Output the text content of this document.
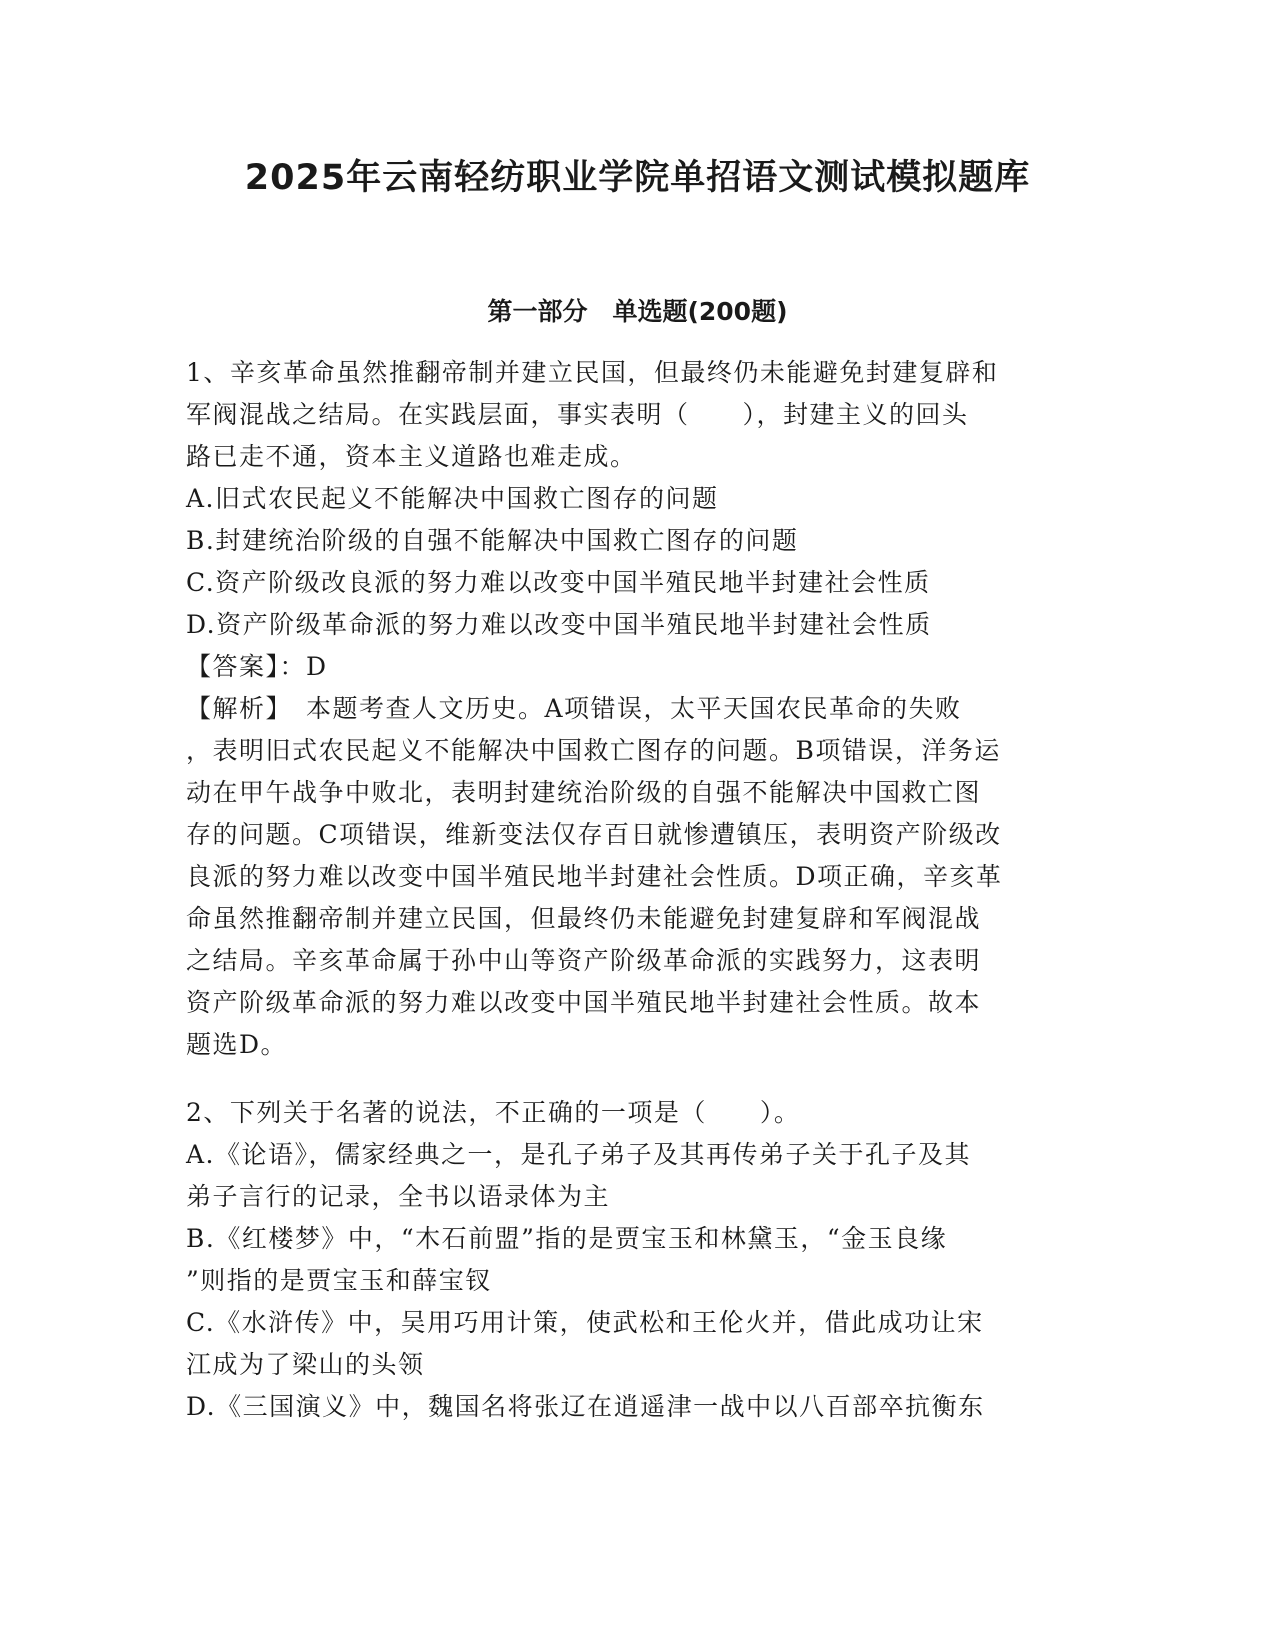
2025年云南轻纺职业学院单招语文测试模拟题库
第一部分　单选题(200题)
1、辛亥革命虽然推翻帝制并建立民国，但最终仍未能避免封建复辟和
军阀混战之结局。在实践层面，事实表明（　　），封建主义的回头
路已走不通，资本主义道路也难走成。
A.旧式农民起义不能解决中国救亡图存的问题
B.封建统治阶级的自强不能解决中国救亡图存的问题
C.资产阶级改良派的努力难以改变中国半殖民地半封建社会性质
D.资产阶级革命派的努力难以改变中国半殖民地半封建社会性质
【答案】：D
【解析】　本题考查人文历史。A项错误，太平天国农民革命的失败
，表明旧式农民起义不能解决中国救亡图存的问题。B项错误，洋务运
动在甲午战争中败北，表明封建统治阶级的自强不能解决中国救亡图
存的问题。C项错误，维新变法仅存百日就惨遭镇压，表明资产阶级改
良派的努力难以改变中国半殖民地半封建社会性质。D项正确，辛亥革
命虽然推翻帝制并建立民国，但最终仍未能避免封建复辟和军阀混战
之结局。辛亥革命属于孙中山等资产阶级革命派的实践努力，这表明
资产阶级革命派的努力难以改变中国半殖民地半封建社会性质。故本
题选D。
2、下列关于名著的说法，不正确的一项是（　　）。
A.《论语》，儒家经典之一，是孔子弟子及其再传弟子关于孔子及其
弟子言行的记录，全书以语录体为主
B.《红楼梦》中，“木石前盟”指的是贾宝玉和林黛玉，“金玉良缘
”则指的是贾宝玉和薛宝钗
C.《水浒传》中，吴用巧用计策，使武松和王伦火并，借此成功让宋
江成为了梁山的头领
D.《三国演义》中，魏国名将张辽在逍遥津一战中以八百部卒抗衡东
